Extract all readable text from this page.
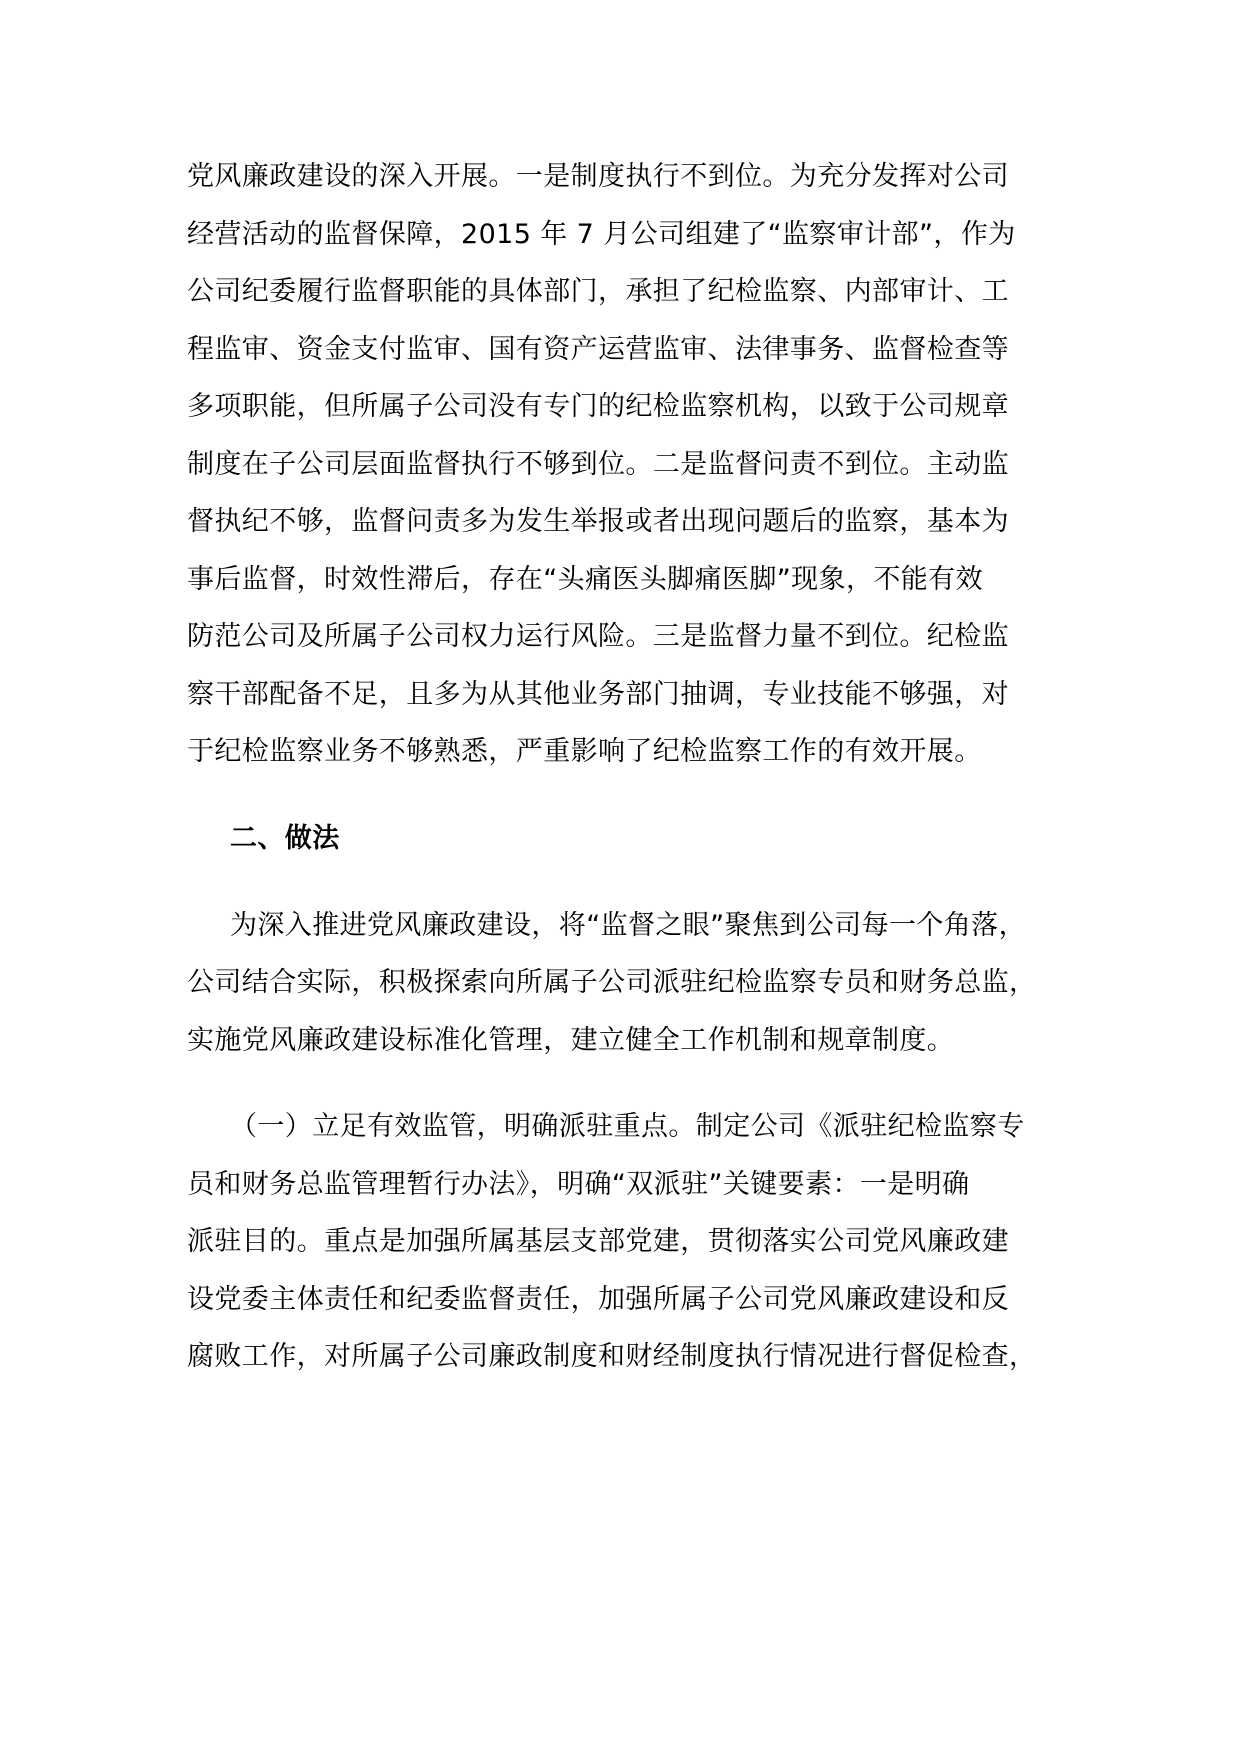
党风廉政建设的深入开展。一是制度执行不到位。为充分发挥对公司
经营活动的监督保障，2015 年 7 月公司组建了“监察审计部”，作为
公司纪委履行监督职能的具体部门，承担了纪检监察、内部审计、工
程监审、资金支付监审、国有资产运营监审、法律事务、监督检查等
多项职能，但所属子公司没有专门的纪检监察机构，以致于公司规章
制度在子公司层面监督执行不够到位。二是监督问责不到位。主动监
督执纪不够，监督问责多为发生举报或者出现问题后的监察，基本为
事后监督，时效性滞后，存在“头痛医头脚痛医脚”现象，不能有效
防范公司及所属子公司权力运行风险。三是监督力量不到位。纪检监
察干部配备不足，且多为从其他业务部门抽调，专业技能不够强，对
于纪检监察业务不够熟悉，严重影响了纪检监察工作的有效开展。
二、做法
为深入推进党风廉政建设，将“监督之眼”聚焦到公司每一个角落，
公司结合实际，积极探索向所属子公司派驻纪检监察专员和财务总监，
实施党风廉政建设标准化管理，建立健全工作机制和规章制度。
（一）立足有效监管，明确派驻重点。制定公司《派驻纪检监察专
员和财务总监管理暂行办法》，明确“双派驻”关键要素：一是明确
派驻目的。重点是加强所属基层支部党建，贯彻落实公司党风廉政建
设党委主体责任和纪委监督责任，加强所属子公司党风廉政建设和反
腐败工作，对所属子公司廉政制度和财经制度执行情况进行督促检查，
